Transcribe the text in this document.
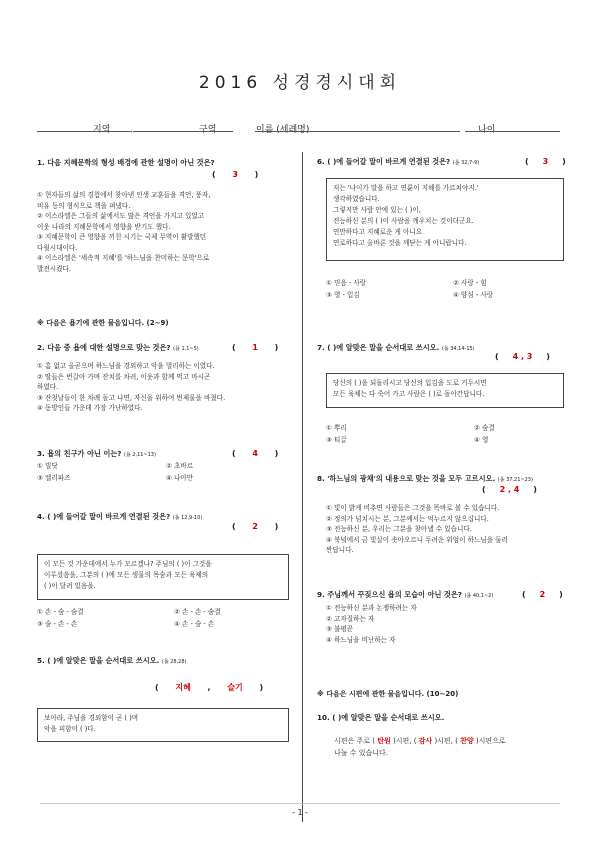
2016 성경경시대회
지역	구역	이름 (세례명)	나이
1. 다음 지혜문학의 형성 배경에 관한 설명이 아닌 것은?
(      3      )
① 현자들의 삶의 경험에서 찾아낸 인생 교훈들을 격언, 풍자,
비유 등의 형식으로 책을 펴냈다.
② 이스라엘은 그들의 삶에서도 많은 격언을 가지고 있었고
이웃 나라의 지혜문학에서 영향을 받기도 했다.
③ 지혜문학이 큰 영향을 끼친 시기는 국제 무역이 활발했던
다윗시대이다.
④ 이스라엘은 '세속적 지혜'를 '하느님을 찬미하는 문학'으로
발전시켰다.
※ 다음은 욥기에 관한 물음입니다. (2~9)
2. 다음 중 욥에 대한 설명으로 맞는 것은? (욥 1,1~5)	(      1      )
① 흠 없고 올곧으며 하느님을 경외하고 악을 멀리하는 이였다.
② 딸들은 번갈아 가며 잔치를 차려, 이웃과 함께 먹고 마시곤
하였다.
③ 잔칫날들이 한 차례 돌고 나면, 자신을 위하여 번제물을 바쳤다.
④ 동방인들 가운데 가장 가난하였다.
3. 욥의 친구가 아닌 이는? (욥 2,11~13)	(      4      )
① 빌닷	② 초바르
③ 엘리파즈	④ 나아만
4. ( )에 들어갈 말이 바르게 연결된 것은? (욥 12,9-10)
(      2      )
이 모든 것 가운데에서 누가 모르겠나? 주님의 ( )이 그것을
이루셨음을, 그분의 ( )에 모든 생물의 목숨과 모든 육체의
( )이 달려 있음을.
① 손 - 숨 - 숨결	② 손 - 손 - 숨결
③ 숨 - 손 - 손	④ 손 - 숨 - 손
5. ( )에 알맞은 말을 순서대로 쓰시오. (욥 28,28)
(      지혜      ,      슬기      )
보아라, 주님을 경외함이 곧 ( )며
악을 피함이 ( )다.
6. ( )에 들어갈 말이 바르게 연결된 것은? (욥 32,7-9)	(     3     )
저는 '나이가 말을 하고 연륜이 지혜를 가르쳐야지.'
생각하였습니다.
그렇지만 사람 안에 있는 ( )이,
전능하신 분의 ( )이 사람을 깨우치는 것이더군요.
연만하다고 지혜로운 게 아니요
연로하다고 올바른 것을 깨닫는 게 아니랍니다.
① 믿음 - 사랑	② 사랑 - 힘
③ 영 - 입김	④ 양심 - 사랑
7. ( )에 알맞은 말을 순서대로 쓰시오. (욥 34,14-15)
(     4 , 3     )
당신의 ( )을 되돌리시고 당신의 입김을 도로 거두시면
모든 육체는 다 죽어 가고 사람은 ( )로 돌아간답니다.
① 뿌리	② 숨결
③ 티끌	④ 영
8. '하느님의 광채'의 내용으로 맞는 것을 모두 고르시오. (욥 37,21~23)
(     2 , 4     )
① 빛이 밝게 비추면 사람들은 그것을 똑바로 볼 수 있습니다.
② 정의가 넘치시는 분, 그분께서는 억누르지 않으십니다.
③ 전능하신 분, 우리는 그분을 찾아낼 수 있습니다.
④ 북녘에서 금 빛살이 솟아오르니 두려운 위엄이 하느님을 둘러
싼답니다.
9. 주님께서 꾸짖으신 욥의 모습이 아닌 것은? (욥 40,1~2)	(     2     )
① 전능하신 분과 논쟁하려는 자
② 고자질하는 자
③ 불평꾼
④ 하느님을 비난하는 자
※ 다음은 시편에 관한 물음입니다. (10~20)
10. ( )에 알맞은 말을 순서대로 쓰시오.
시편은 주로 ( 탄원 )시편, ( 감사 )시편, ( 찬양 )시편으로
나눌 수 있습니다.
- 1 -
